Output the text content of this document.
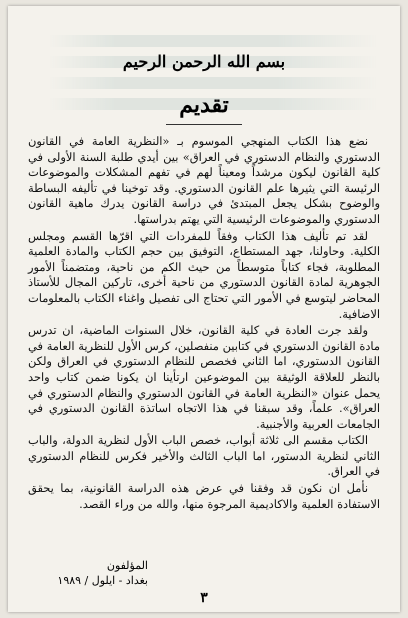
بسم الله الرحمن الرحيم
تقديم

نضع هذا الكتاب المنهجي الموسوم بـ «النظرية العامة في القانون الدستوري والنظام الدستوري في العراق» بين أيدي طلبة السنة الأولى في كلية القانون ليكون مرشداً ومعيناً لهم في تفهم المشكلات والموضوعات الرئيسة التي يثيرها علم القانون الدستوري. وقد توخينا في تأليفه البساطة والوضوح بشكل يجعل المبتدئ في دراسة القانون يدرك ماهية القانون الدستوري والموضوعات الرئيسية التي يهتم بدراستها.

لقد تم تأليف هذا الكتاب وفقاً للمفردات التي اقرّها القسم ومجلس الكلية. وحاولنا، جهد المستطاع، التوفيق بين حجم الكتاب والمادة العلمية المطلوبة، فجاء كتاباً متوسطاً من حيث الكم من ناحية، ومتضمناً الأمور الجوهرية لمادة القانون الدستوري من ناحية أخرى، تاركين المجال للأستاذ المحاضر ليتوسع في الأمور التي تحتاج الى تفصيل واغناء الكتاب بالمعلومات الاضافية.

ولقد جرت العادة في كلية القانون، خلال السنوات الماضية، ان تدرس مادة القانون الدستوري في كتابين منفصلين، كرس الأول للنظرية العامة في القانون الدستوري، اما الثاني فخصص للنظام الدستوري في العراق ولكن بالنظر للعلاقة الوثيقة بين الموضوعين ارتأينا ان يكونا ضمن كتاب واحد يحمل عنوان «النظرية العامة في القانون الدستوري والنظام الدستوري في العراق». علماً، وقد سبقنا في هذا الاتجاه اساتذة القانون الدستوري في الجامعات العربية والأجنبية.

الكتاب مقسم الى ثلاثة أبواب، خصص الباب الأول لنظرية الدولة، والباب الثاني لنظرية الدستور، اما الباب الثالث والأخير فكرس للنظام الدستوري في العراق.

نأمل ان نكون قد وفقنا في عرض هذه الدراسة القانونية، بما يحقق الاستفادة العلمية والاكاديمية المرجوة منها، والله من وراء القصد.

المؤلفون
بغداد - ايلول / ١٩٨٩
٣
